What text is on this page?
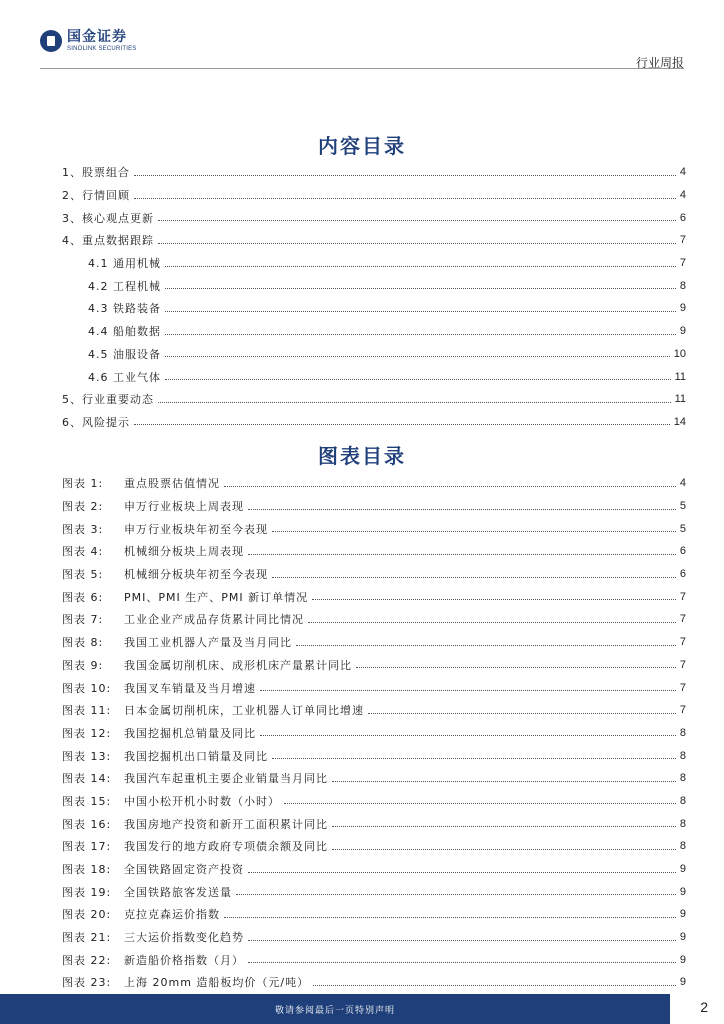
国金证券
SINOLINK SECURITIES
行业周报
内容目录
1、股票组合	4
2、行情回顾	4
3、核心观点更新	6
4、重点数据跟踪	7
4.1 通用机械	7
4.2 工程机械	8
4.3 铁路装备	9
4.4 船舶数据	9
4.5 油服设备	10
4.6 工业气体	11
5、行业重要动态	11
6、风险提示	14
图表目录
图表 1: 重点股票估值情况	4
图表 2: 申万行业板块上周表现	5
图表 3: 申万行业板块年初至今表现	5
图表 4: 机械细分板块上周表现	6
图表 5: 机械细分板块年初至今表现	6
图表 6: PMI、PMI 生产、PMI 新订单情况	7
图表 7: 工业企业产成品存货累计同比情况	7
图表 8: 我国工业机器人产量及当月同比	7
图表 9: 我国金属切削机床、成形机床产量累计同比	7
图表 10: 我国叉车销量及当月增速	7
图表 11: 日本金属切削机床，工业机器人订单同比增速	7
图表 12: 我国挖掘机总销量及同比	8
图表 13: 我国挖掘机出口销量及同比	8
图表 14: 我国汽车起重机主要企业销量当月同比	8
图表 15: 中国小松开机小时数（小时）	8
图表 16: 我国房地产投资和新开工面积累计同比	8
图表 17: 我国发行的地方政府专项债余额及同比	8
图表 18: 全国铁路固定资产投资	9
图表 19: 全国铁路旅客发送量	9
图表 20: 克拉克森运价指数	9
图表 21: 三大运价指数变化趋势	9
图表 22: 新造船价格指数（月）	9
图表 23: 上海 20mm 造船板均价（元/吨）	9
敬请参阅最后一页特别声明	2
